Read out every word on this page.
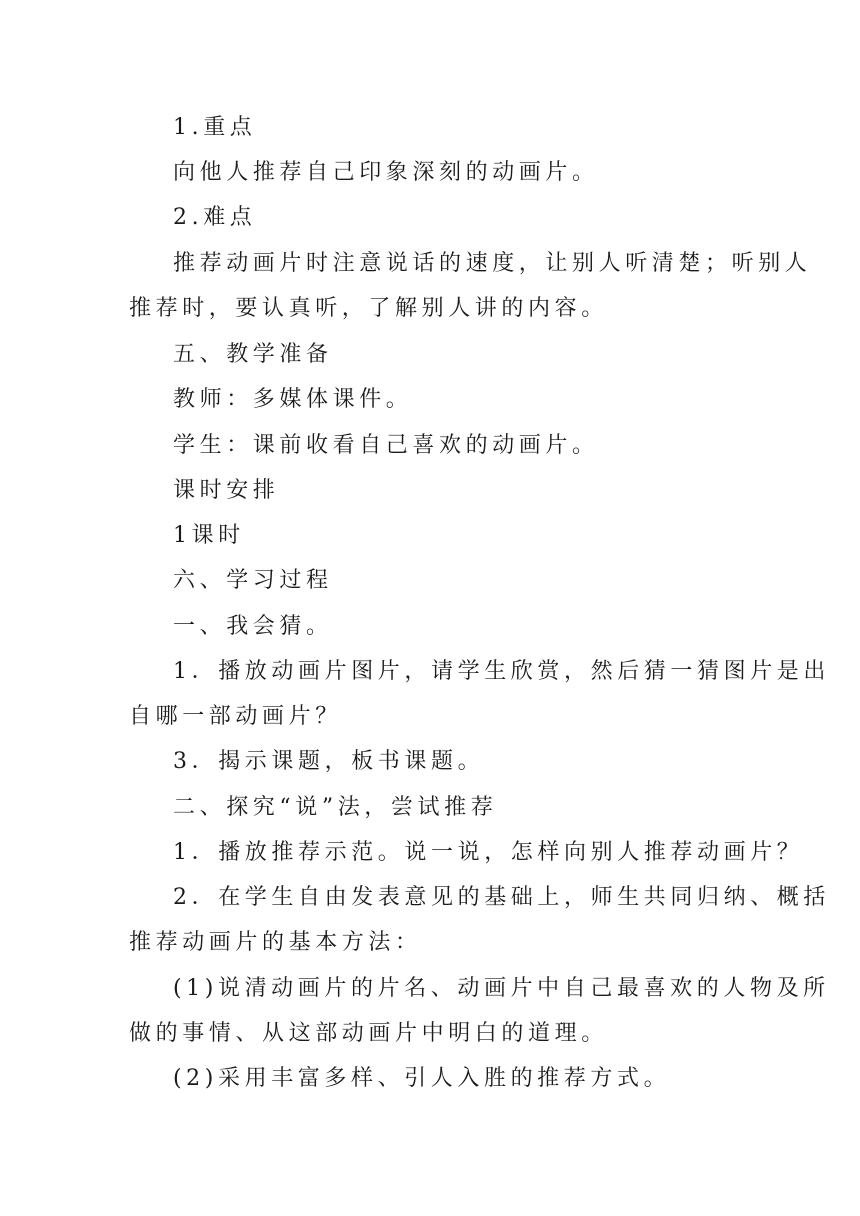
1.重点
向他人推荐自己印象深刻的动画片。
2.难点
推荐动画片时注意说话的速度，让别人听清楚；听别人
推荐时，要认真听，了解别人讲的内容。
五、教学准备
教师：多媒体课件。
学生：课前收看自己喜欢的动画片。
课时安排
1课时
六、学习过程
一、我会猜。
1．播放动画片图片，请学生欣赏，然后猜一猜图片是出
自哪一部动画片？
3．揭示课题，板书课题。
二、探究“说”法，尝试推荐
1．播放推荐示范。说一说，怎样向别人推荐动画片？
2．在学生自由发表意见的基础上，师生共同归纳、概括
推荐动画片的基本方法：
(1)说清动画片的片名、动画片中自己最喜欢的人物及所
做的事情、从这部动画片中明白的道理。
(2)采用丰富多样、引人入胜的推荐方式。
